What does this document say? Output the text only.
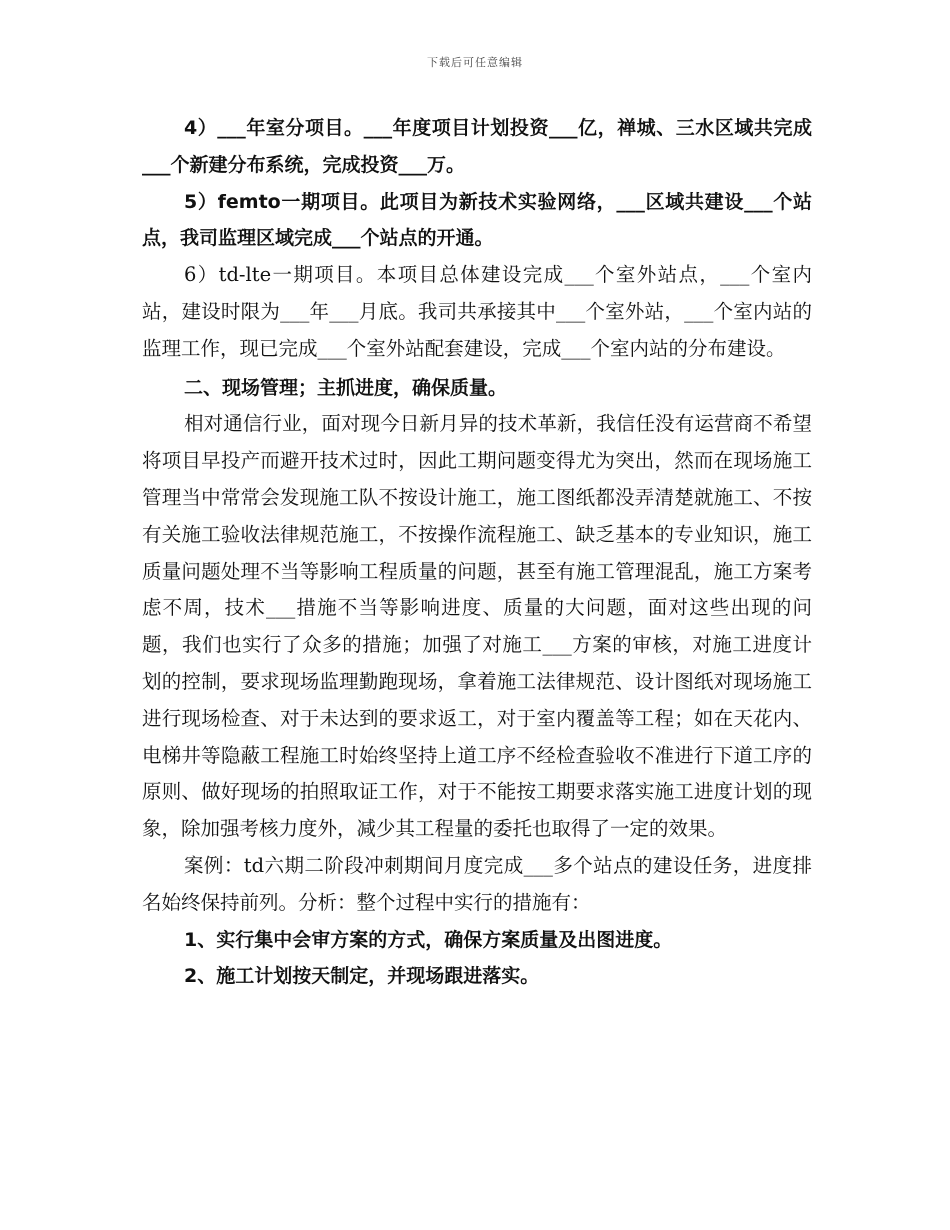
下载后可任意编辑

4）___年室分项目。___年度项目计划投资___亿，禅城、三水区域共完成___个新建分布系统，完成投资___万。

5）femto一期项目。此项目为新技术实验网络，___区域共建设___个站点，我司监理区域完成___个站点的开通。

6）td-lte一期项目。本项目总体建设完成___个室外站点，___个室内站，建设时限为___年___月底。我司共承接其中___个室外站，___个室内站的监理工作，现已完成___个室外站配套建设，完成___个室内站的分布建设。

二、现场管理；主抓进度，确保质量。

相对通信行业，面对现今日新月异的技术革新，我信任没有运营商不希望将项目早投产而避开技术过时，因此工期问题变得尤为突出，然而在现场施工管理当中常常会发现施工队不按设计施工，施工图纸都没弄清楚就施工、不按有关施工验收法律规范施工，不按操作流程施工、缺乏基本的专业知识，施工质量问题处理不当等影响工程质量的问题，甚至有施工管理混乱，施工方案考虑不周，技术___措施不当等影响进度、质量的大问题，面对这些出现的问题，我们也实行了众多的措施；加强了对施工___方案的审核，对施工进度计划的控制，要求现场监理勤跑现场，拿着施工法律规范、设计图纸对现场施工进行现场检查、对于未达到的要求返工，对于室内覆盖等工程；如在天花内、电梯井等隐蔽工程施工时始终坚持上道工序不经检查验收不准进行下道工序的原则、做好现场的拍照取证工作，对于不能按工期要求落实施工进度计划的现象，除加强考核力度外，减少其工程量的委托也取得了一定的效果。

案例：td六期二阶段冲刺期间月度完成___多个站点的建设任务，进度排名始终保持前列。分析：整个过程中实行的措施有：

1、实行集中会审方案的方式，确保方案质量及出图进度。

2、施工计划按天制定，并现场跟进落实。
